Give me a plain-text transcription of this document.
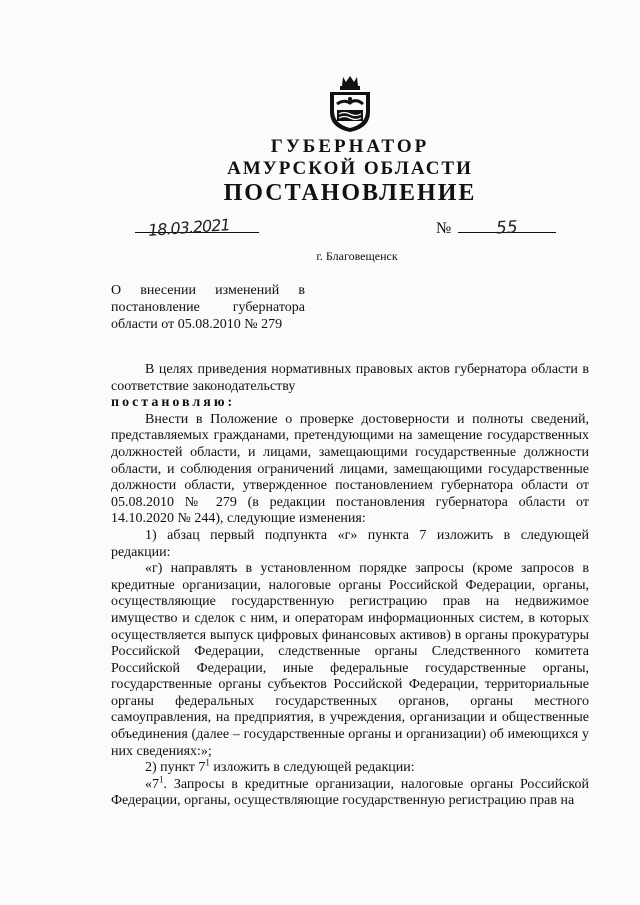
ГУБЕРНАТОР
АМУРСКОЙ ОБЛАСТИ
ПОСТАНОВЛЕНИЕ
18.03.2021	№	55
г. Благовещенск
О внесении изменений в постановление губернатора области от 05.08.2010 № 279

В целях приведения нормативных правовых актов губернатора области в соответствие законодательству

постановляю:

Внести в Положение о проверке достоверности и полноты сведений, представляемых гражданами, претендующими на замещение государственных должностей области, и лицами, замещающими государственные должности области, и соблюдения ограничений лицами, замещающими государственные должности области, утвержденное постановлением губернатора области от 05.08.2010 № 279 (в редакции постановления губернатора области от 14.10.2020 № 244), следующие изменения:

1) абзац первый подпункта «г» пункта 7 изложить в следующей редакции:

«г) направлять в установленном порядке запросы (кроме запросов в кредитные организации, налоговые органы Российской Федерации, органы, осуществляющие государственную регистрацию прав на недвижимое имущество и сделок с ним, и операторам информационных систем, в которых осуществляется выпуск цифровых финансовых активов) в органы прокуратуры Российской Федерации, следственные органы Следственного комитета Российской Федерации, иные федеральные государственные органы, государственные органы субъектов Российской Федерации, территориальные органы федеральных государственных органов, органы местного самоуправления, на предприятия, в учреждения, организации и общественные объединения (далее – государственные органы и организации) об имеющихся у них сведениях:»;

2) пункт $7^1$ изложить в следующей редакции:

«$7^1$. Запросы в кредитные организации, налоговые органы Российской Федерации, органы, осуществляющие государственную регистрацию прав на
